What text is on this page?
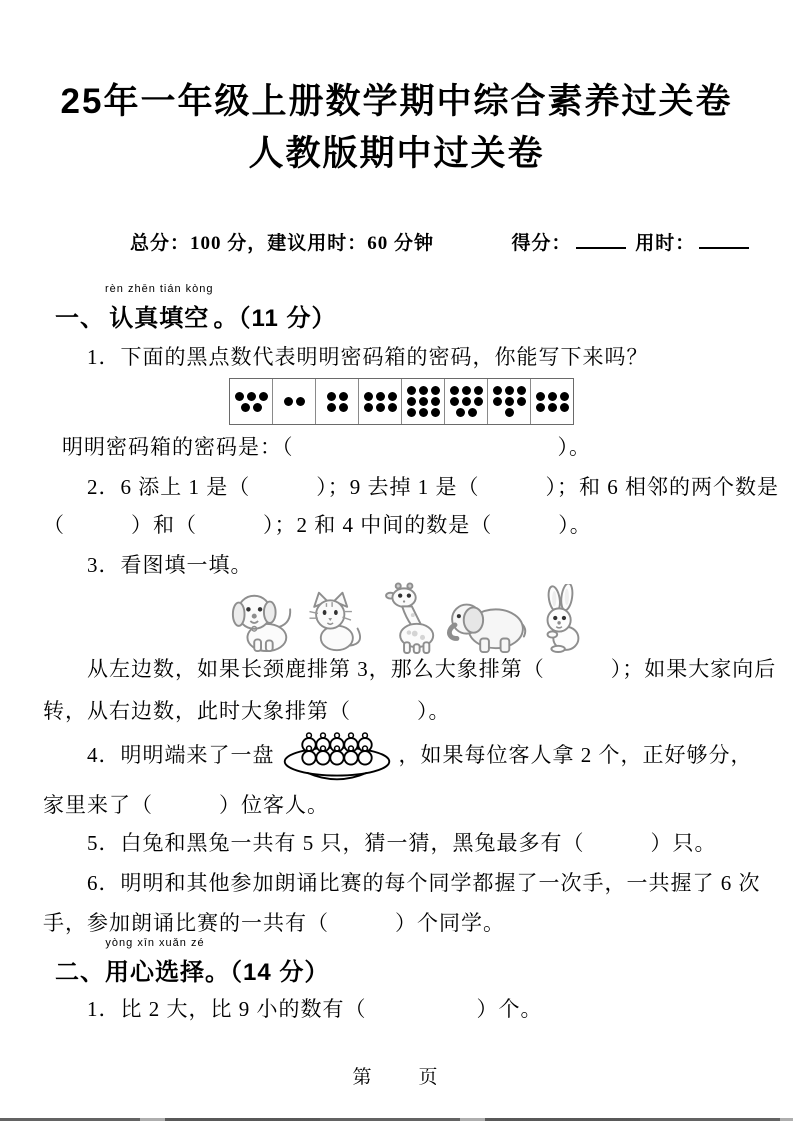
25年一年级上册数学期中综合素养过关卷
人教版期中过关卷
总分：100 分，建议用时：60 分钟	得分：	用时：
一、
rèn zhēn tián kòng
认真填空 。（11 分）
1．下面的黑点数代表明明密码箱的密码，你能写下来吗？
明明密码箱的密码是：（　　　　　　　　　　　　）。
2．6 添上 1 是（　　　）；9 去掉 1 是（　　　）；和 6 相邻的两个数是
（　　　）和（　　　）；2 和 4 中间的数是（　　　）。
3．看图填一填。
从左边数，如果长颈鹿排第 3，那么大象排第（　　　）；如果大家向后
转，从右边数，此时大象排第（　　　）。
4．明明端来了一盘	，如果每位客人拿 2 个，正好够分，
家里来了（　　　）位客人。
5．白兔和黑兔一共有 5 只，猜一猜，黑兔最多有（　　　）只。
6．明明和其他参加朗诵比赛的每个同学都握了一次手，一共握了 6 次
手，参加朗诵比赛的一共有（　　　）个同学。
二、
yòng xīn xuǎn zé
用心选择 。（14 分）
1．比 2 大，比 9 小的数有（　　　　　）个。
第　　页
